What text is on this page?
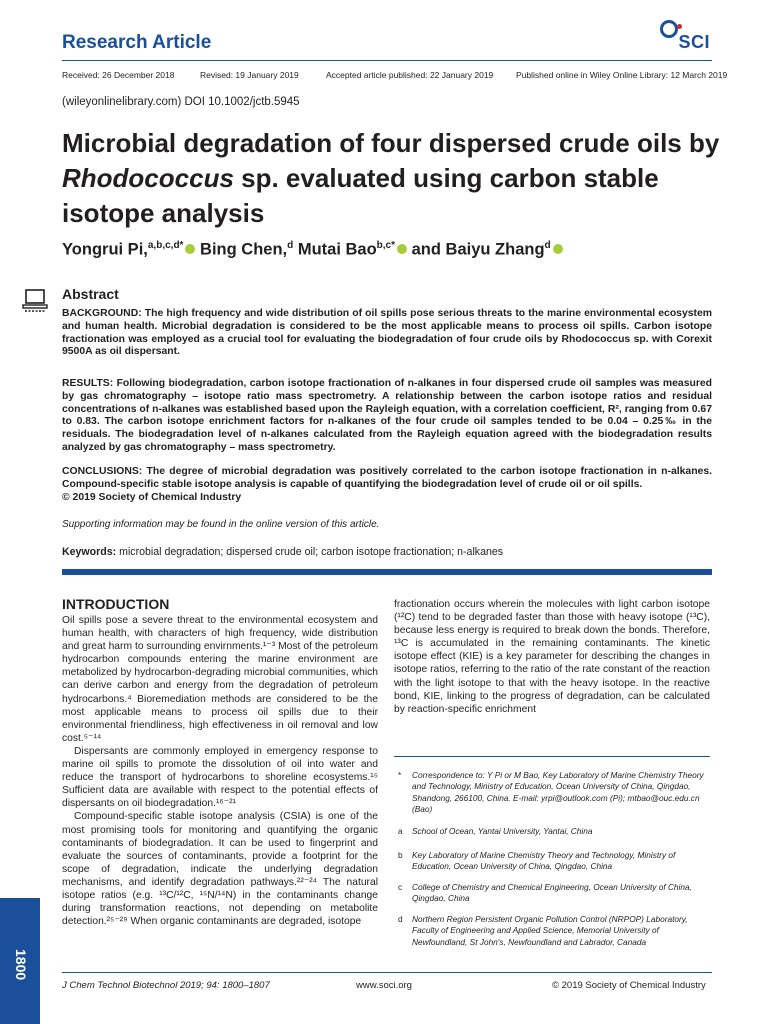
Research Article	SCI
Received: 26 December 2018	Revised: 19 January 2019	Accepted article published: 22 January 2019	Published online in Wiley Online Library: 12 March 2019
(wileyonlinelibrary.com) DOI 10.1002/jctb.5945
Microbial degradation of four dispersed crude oils by Rhodococcus sp. evaluated using carbon stable isotope analysis
Yongrui Pi,$^{a,b,c,d*}$ Bing Chen,$^d$ Mutai Bao$^{b,c*}$ and Baiyu Zhang$^d$
Abstract
BACKGROUND: The high frequency and wide distribution of oil spills pose serious threats to the marine environmental ecosystem and human health. Microbial degradation is considered to be the most applicable means to process oil spills. Carbon isotope fractionation was employed as a crucial tool for evaluating the biodegradation of four crude oils by Rhodococcus sp. with Corexit 9500A as oil dispersant.
RESULTS: Following biodegradation, carbon isotope fractionation of n-alkanes in four dispersed crude oil samples was measured by gas chromatography – isotope ratio mass spectrometry. A relationship between the carbon isotope ratios and residual concentrations of n-alkanes was established based upon the Rayleigh equation, with a correlation coefficient, R², ranging from 0.67 to 0.83. The carbon isotope enrichment factors for n-alkanes of the four crude oil samples tended to be 0.04 – 0.25‰ in the residuals. The biodegradation level of n-alkanes calculated from the Rayleigh equation agreed with the biodegradation results analyzed by gas chromatography – mass spectrometry.
CONCLUSIONS: The degree of microbial degradation was positively correlated to the carbon isotope fractionation in n-alkanes. Compound-specific stable isotope analysis is capable of quantifying the biodegradation level of crude oil or oil spills.
© 2019 Society of Chemical Industry
Supporting information may be found in the online version of this article.
Keywords: microbial degradation; dispersed crude oil; carbon isotope fractionation; n-alkanes
INTRODUCTION

Oil spills pose a severe threat to the environmental ecosystem and human health, with characters of high frequency, wide distribution and great harm to surrounding envirnments.¹⁻³ Most of the petroleum hydrocarbon compounds entering the marine environment are metabolized by hydrocarbon-degrading microbial communities, which can derive carbon and energy from the degradation of petroleum hydrocarbons.⁴ Bioremediation methods are considered to be the most applicable means to process oil spills due to their environmental friendliness, high effectiveness in oil removal and low cost.⁵⁻¹⁴

Dispersants are commonly employed in emergency response to marine oil spills to promote the dissolution of oil into water and reduce the transport of hydrocarbons to shoreline ecosystems.¹⁵ Sufficient data are available with respect to the potential effects of dispersants on oil biodegradation.¹⁶⁻²¹

Compound-specific stable isotope analysis (CSIA) is one of the most promising tools for monitoring and quantifying the organic contaminants of biodegradation. It can be used to fingerprint and evaluate the sources of contaminants, provide a footprint for the scope of degradation, indicate the underlying degradation mechanisms, and identify degradation pathways.²²⁻²⁴ The natural isotope ratios (e.g. ¹³C/¹²C, ¹⁵N/¹⁴N) in the contaminants change during transformation reactions, not depending on metabolite detection.²⁵⁻²⁹ When organic contaminants are degraded, isotope

fractionation occurs wherein the molecules with light carbon isotope (¹²C) tend to be degraded faster than those with heavy isotope (¹³C), because less energy is required to break down the bonds. Therefore, ¹³C is accumulated in the remaining contaminants. The kinetic isotope effect (KIE) is a key parameter for describing the changes in isotope ratios, referring to the ratio of the rate constant of the reaction with the light isotope to that with the heavy isotope. In the reactive bond, KIE, linking to the progress of degradation, can be calculated by reaction-specific enrichment

* Correspondence to: Y Pi or M Bao, Key Laboratory of Marine Chemistry Theory and Technology, Ministry of Education, Ocean University of China, Qingdao, Shandong, 266100, China. E-mail: yrpi@outlook.com (Pi); mtbao@ouc.edu.cn (Bao)
a School of Ocean, Yantai University, Yantai, China
b Key Laboratory of Marine Chemistry Theory and Technology, Ministry of Education, Ocean University of China, Qingdao, China
c College of Chemistry and Chemical Engineering, Ocean University of China, Qingdao, China
d Northern Region Persistent Organic Pollution Control (NRPOP) Laboratory, Faculty of Engineering and Applied Science, Memorial University of Newfoundland, St John's, Newfoundland and Labrador, Canada
1800
J Chem Technol Biotechnol 2019; 94: 1800–1807	www.soci.org	© 2019 Society of Chemical Industry
